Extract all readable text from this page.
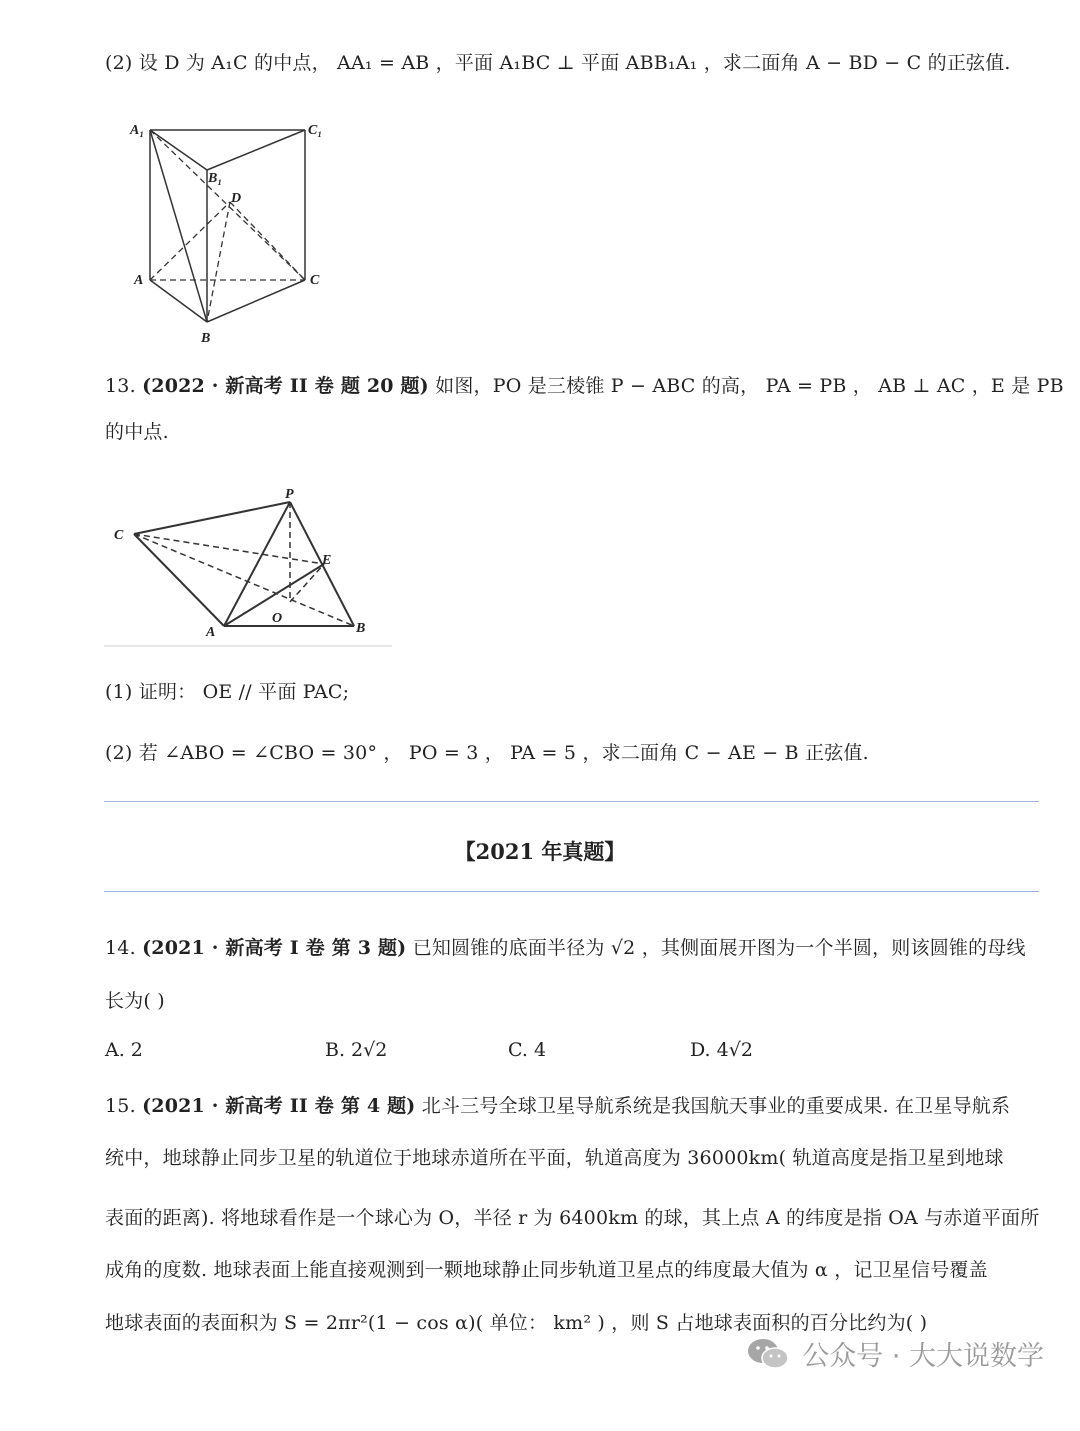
(2) 设 D 为 A₁C 的中点， AA₁ = AB ，平面 A₁BC ⊥ 平面 ABB₁A₁ ，求二面角 A − BD − C 的正弦值.
A₁	C₁
B₁
D
A	C
B
13. (2022 · 新高考 II 卷 题 20 题) 如图，PO 是三棱锥 P − ABC 的高， PA = PB ， AB ⊥ AC ，E 是 PB
的中点.
P
C
E
O
A	B
(1) 证明： OE // 平面 PAC;
(2) 若 ∠ABO = ∠CBO = 30° ， PO = 3 ， PA = 5 ，求二面角 C − AE − B 正弦值.
【2021 年真题】
14. (2021 · 新高考 I 卷 第 3 题) 已知圆锥的底面半径为 √2 ，其侧面展开图为一个半圆，则该圆锥的母线
长为( )
A. 2	B. 2√2	C. 4	D. 4√2
15. (2021 · 新高考 II 卷 第 4 题) 北斗三号全球卫星导航系统是我国航天事业的重要成果. 在卫星导航系
统中，地球静止同步卫星的轨道位于地球赤道所在平面，轨道高度为 36000km( 轨道高度是指卫星到地球
表面的距离). 将地球看作是一个球心为 O，半径 r 为 6400km 的球，其上点 A 的纬度是指 OA 与赤道平面所
成角的度数. 地球表面上能直接观测到一颗地球静止同步轨道卫星点的纬度最大值为 α ，记卫星信号覆盖
地球表面的表面积为 S = 2πr²(1 − cos α)( 单位： km² ) ，则 S 占地球表面积的百分比约为( )
公众号 · 大大说数学
